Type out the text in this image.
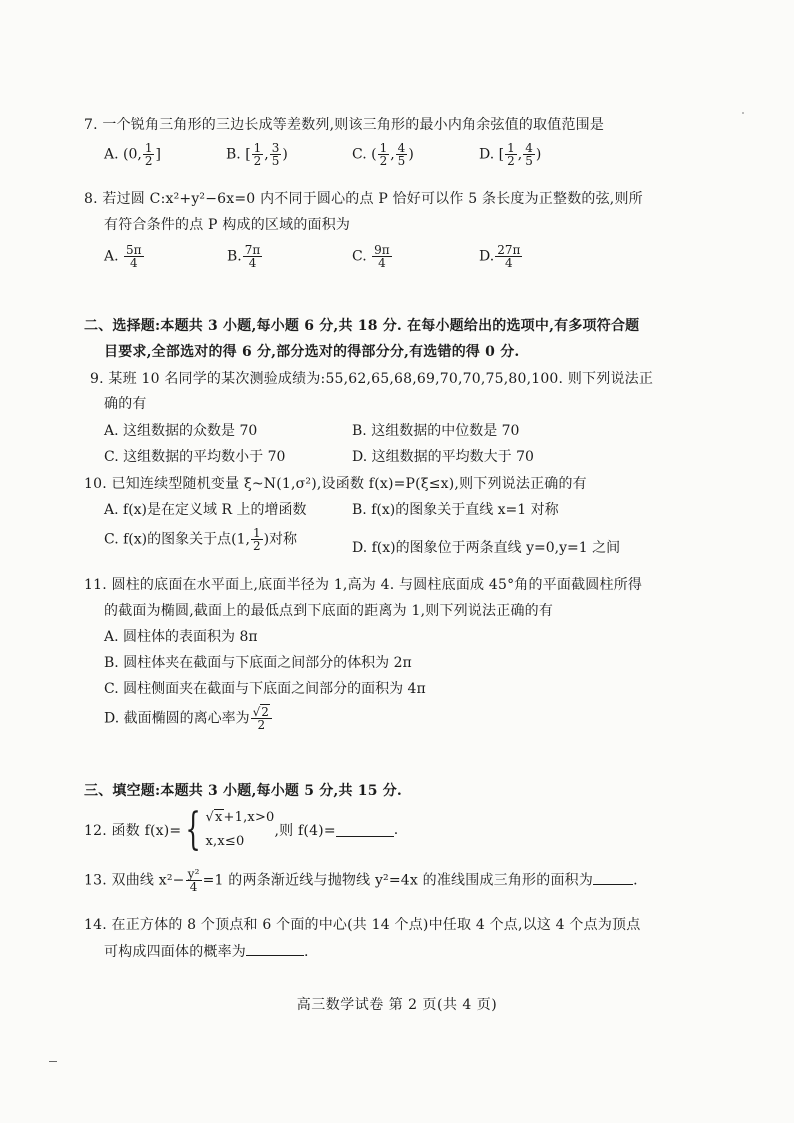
7. 一个锐角三角形的三边长成等差数列,则该三角形的最小内角余弦值的取值范围是
A. (0, $\frac{1}{2}$ ]	B. [ $\frac{1}{2}$ , $\frac{3}{5}$ )	C. ( $\frac{1}{2}$ , $\frac{4}{5}$ )	D. [ $\frac{1}{2}$ , $\frac{4}{5}$ )
8. 若过圆 C:x²+y²−6x=0 内不同于圆心的点 P 恰好可以作 5 条长度为正整数的弦,则所
有符合条件的点 P 构成的区域的面积为
A. $\frac{5\pi}{4}$	B. $\frac{7\pi}{4}$	C. $\frac{9\pi}{4}$	D. $\frac{27\pi}{4}$
二、选择题:本题共 3 小题,每小题 6 分,共 18 分. 在每小题给出的选项中,有多项符合题
目要求,全部选对的得 6 分,部分选对的得部分分,有选错的得 0 分.
9. 某班 10 名同学的某次测验成绩为:55,62,65,68,69,70,70,75,80,100. 则下列说法正
确的有
A. 这组数据的众数是 70	B. 这组数据的中位数是 70
C. 这组数据的平均数小于 70	D. 这组数据的平均数大于 70
10. 已知连续型随机变量 ξ~N(1,σ²),设函数 f(x)=P(ξ≤x),则下列说法正确的有
A. f(x)是在定义域 R 上的增函数	B. f(x)的图象关于直线 x=1 对称
C. f(x)的图象关于点(1, $\frac{1}{2}$ )对称
D. f(x)的图象位于两条直线 y=0,y=1 之间
11. 圆柱的底面在水平面上,底面半径为 1,高为 4. 与圆柱底面成 45°角的平面截圆柱所得
的截面为椭圆,截面上的最低点到下底面的距离为 1,则下列说法正确的有
A. 圆柱体的表面积为 8π
B. 圆柱体夹在截面与下底面之间部分的体积为 2π
C. 圆柱侧面夹在截面与下底面之间部分的面积为 4π
D. 截面椭圆的离心率为 $\frac{√2}{2}$
三、填空题:本题共 3 小题,每小题 5 分,共 15 分.
12. 函数 f(x)= { √x+1,x>0
x,x≤0
,则 f(4)=	.
13. 双曲线 $x^2- \frac{\text{y²}}{4} =1$ 的两条渐近线与抛物线 y²=4x 的准线围成三角形的面积为	.
14. 在正方体的 8 个顶点和 6 个面的中心(共 14 个点)中任取 4 个点,以这 4 个点为顶点
可构成四面体的概率为	.
高三数学试卷 第 2 页(共 4 页)
